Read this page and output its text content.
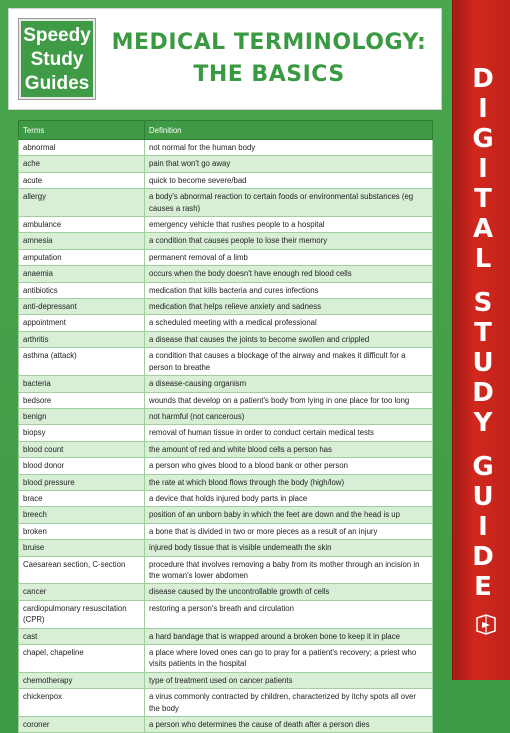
Speedy
Study
Guides
MEDICAL TERMINOLOGY:
THE BASICS
Terms	Definition
abnormal	not normal for the human body
ache	pain that won't go away
acute	quick to become severe/bad
allergy	a body's abnormal reaction to certain foods or environmental substances (eg causes a rash)
ambulance	emergency vehicle that rushes people to a hospital
amnesia	a condition that causes people to lose their memory
amputation	permanent removal of a limb
anaemia	occurs when the body doesn't have enough red blood cells
antibiotics	medication that kills bacteria and cures infections
anti-depressant	medication that helps relieve anxiety and sadness
appointment	a scheduled meeting with a medical professional
arthritis	a disease that causes the joints to become swollen and crippled
asthma (attack)	a condition that causes a blockage of the airway and makes it difficult for a person to breathe
bacteria	a disease-causing organism
bedsore	wounds that develop on a patient's body from lying in one place for too long
benign	not harmful (not cancerous)
biopsy	removal of human tissue in order to conduct certain medical tests
blood count	the amount of red and white blood cells a person has
blood donor	a person who gives blood to a blood bank or other person
blood pressure	the rate at which blood flows through the body (high/low)
brace	a device that holds injured body parts in place
breech	position of an unborn baby in which the feet are down and the head is up
broken	a bone that is divided in two or more pieces as a result of an injury
bruise	injured body tissue that is visible underneath the skin
Caesarean section, C-section	procedure that involves removing a baby from its mother through an incision in the woman's lower abdomen
cancer	disease caused by the uncontrollable growth of cells
cardiopulmonary resuscitation (CPR)	restoring a person's breath and circulation
cast	a hard bandage that is wrapped around a broken bone to keep it in place
chapel, chapeline	a place where loved ones can go to pray for a patient's recovery; a priest who visits patients in the hospital
chemotherapy	type of treatment used on cancer patients
chickenpox	a virus commonly contracted by children, characterized by itchy spots all over the body
coroner	a person who determines the cause of death after a person dies
D
I
G
I
T
A
L
S
T
U
D
Y
G
U
I
D
E
